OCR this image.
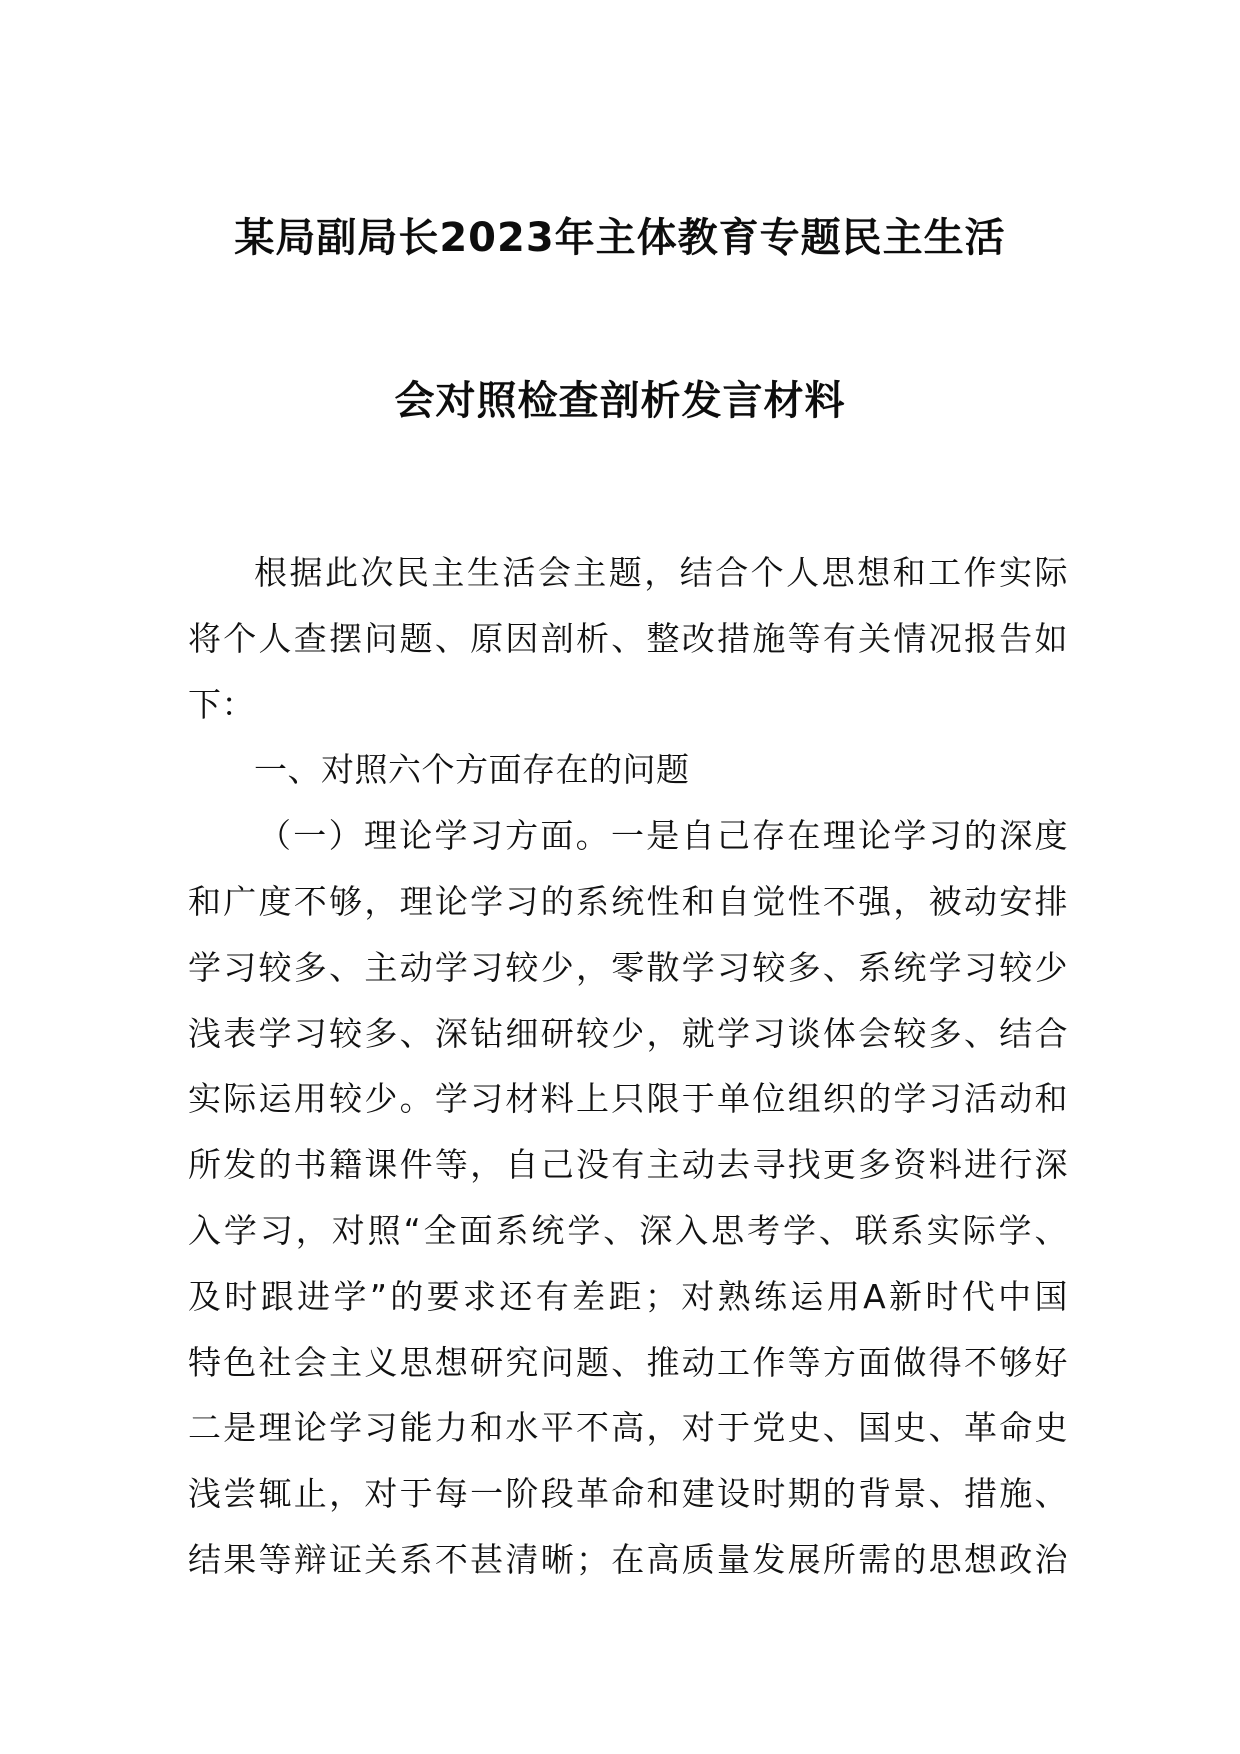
某局副局长2023年主体教育专题民主生活
会对照检查剖析发言材料
根据此次民主生活会主题，结合个人思想和工作实际
将个人查摆问题、原因剖析、整改措施等有关情况报告如
下：
一、对照六个方面存在的问题
（一）理论学习方面。一是自己存在理论学习的深度
和广度不够，理论学习的系统性和自觉性不强，被动安排
学习较多、主动学习较少，零散学习较多、系统学习较少
浅表学习较多、深钻细研较少，就学习谈体会较多、结合
实际运用较少。学习材料上只限于单位组织的学习活动和
所发的书籍课件等，自己没有主动去寻找更多资料进行深
入学习，对照“全面系统学、深入思考学、联系实际学、
及时跟进学”的要求还有差距；对熟练运用A新时代中国
特色社会主义思想研究问题、推动工作等方面做得不够好
二是理论学习能力和水平不高，对于党史、国史、革命史
浅尝辄止，对于每一阶段革命和建设时期的背景、措施、
结果等辩证关系不甚清晰；在高质量发展所需的思想政治
